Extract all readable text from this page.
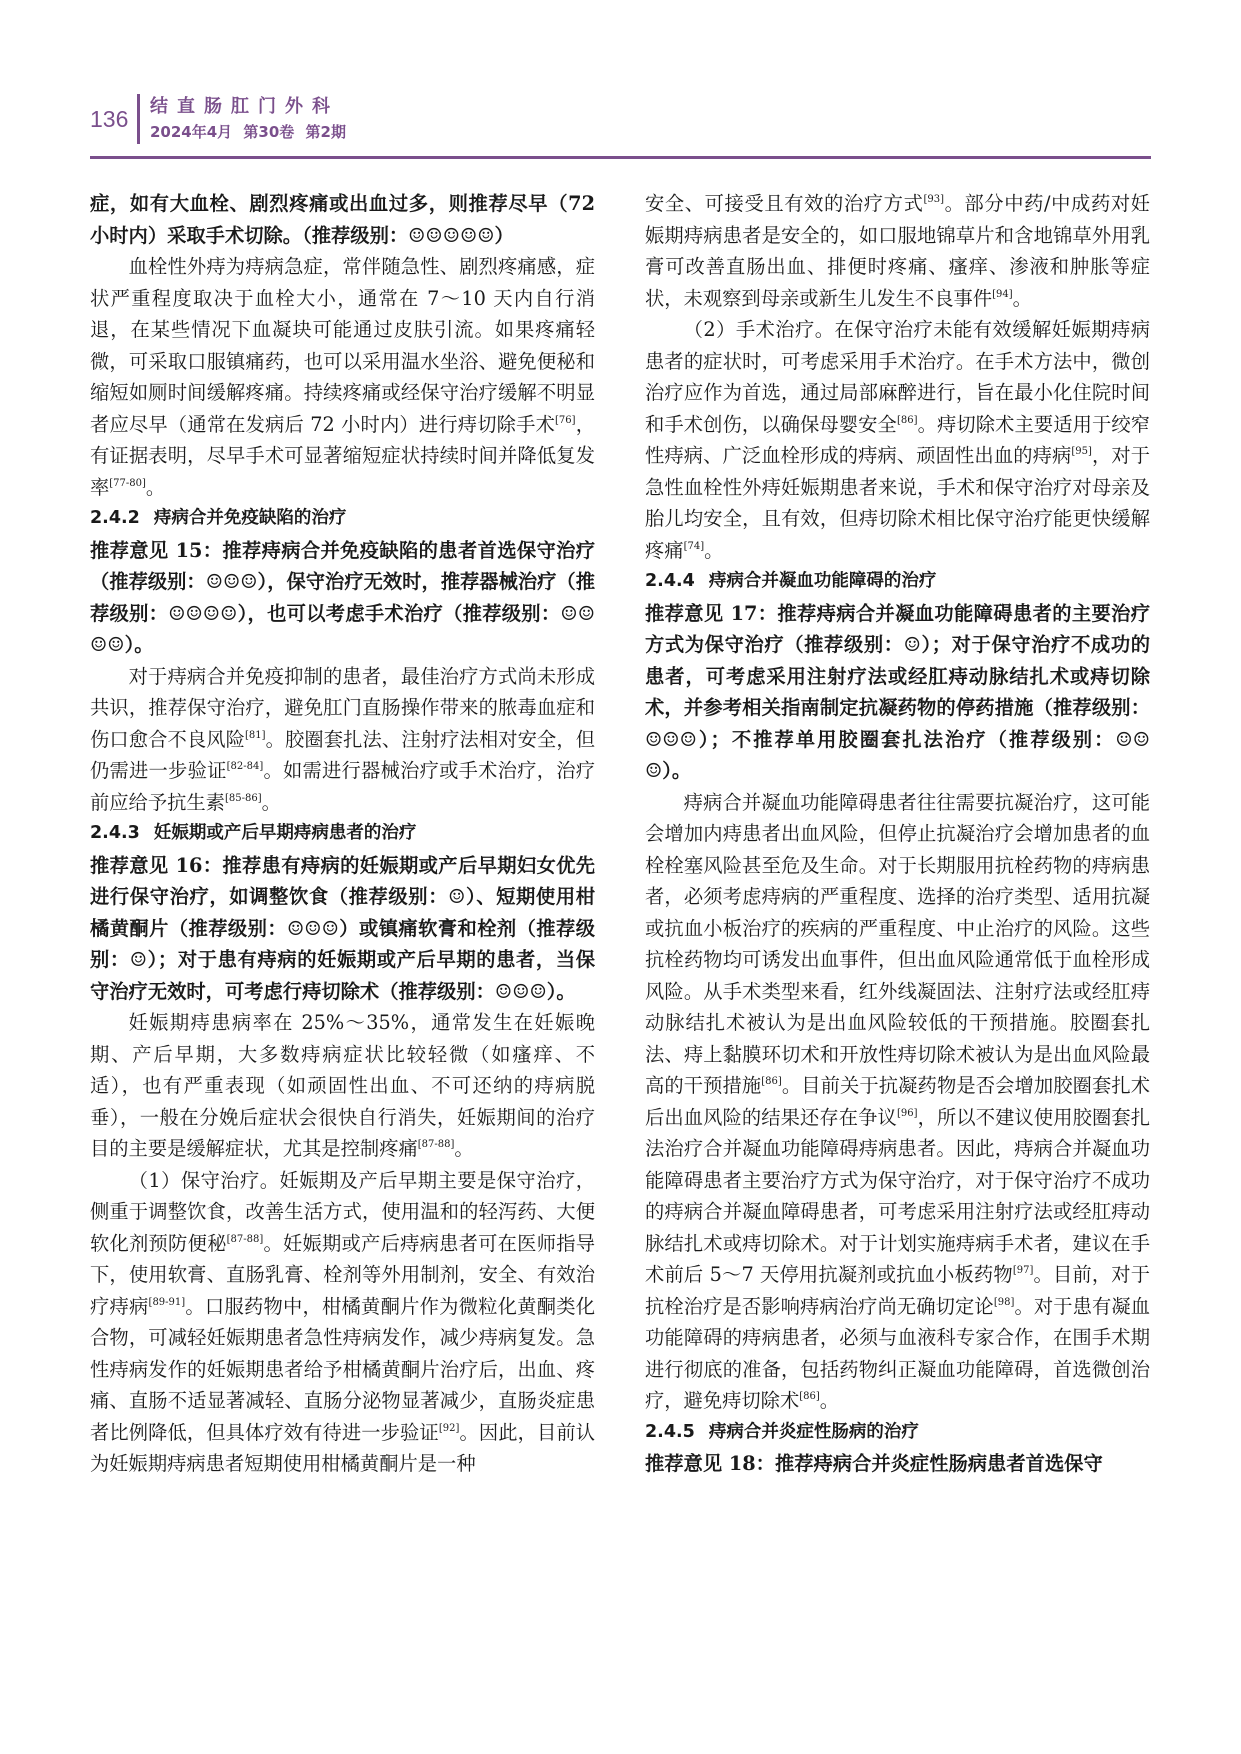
136 结直肠肛门外科
2024年4月 第30卷 第2期

症，如有大血栓、剧烈疼痛或出血过多，则推荐尽早（72 小时内）采取手术切除。（推荐级别：☺☺☺☺☺）

血栓性外痔为痔病急症，常伴随急性、剧烈疼痛感，症状严重程度取决于血栓大小，通常在 7～10 天内自行消退，在某些情况下血凝块可能通过皮肤引流。如果疼痛轻微，可采取口服镇痛药，也可以采用温水坐浴、避免便秘和缩短如厕时间缓解疼痛。持续疼痛或经保守治疗缓解不明显者应尽早（通常在发病后 72 小时内）进行痔切除手术[76]，有证据表明，尽早手术可显著缩短症状持续时间并降低复发率[77-80]。

2.4.2 痔病合并免疫缺陷的治疗

推荐意见 15：推荐痔病合并免疫缺陷的患者首选保守治疗（推荐级别：☺☺☺），保守治疗无效时，推荐器械治疗（推荐级别：☺☺☺☺），也可以考虑手术治疗（推荐级别：☺☺☺☺）。

对于痔病合并免疫抑制的患者，最佳治疗方式尚未形成共识，推荐保守治疗，避免肛门直肠操作带来的脓毒血症和伤口愈合不良风险[81]。胶圈套扎法、注射疗法相对安全，但仍需进一步验证[82-84]。如需进行器械治疗或手术治疗，治疗前应给予抗生素[85-86]。

2.4.3 妊娠期或产后早期痔病患者的治疗

推荐意见 16：推荐患有痔病的妊娠期或产后早期妇女优先进行保守治疗，如调整饮食（推荐级别：☺）、短期使用柑橘黄酮片（推荐级别：☺☺☺）或镇痛软膏和栓剂（推荐级别：☺）；对于患有痔病的妊娠期或产后早期的患者，当保守治疗无效时，可考虑行痔切除术（推荐级别：☺☺☺）。

妊娠期痔患病率在 25%～35%，通常发生在妊娠晚期、产后早期，大多数痔病症状比较轻微（如瘙痒、不适），也有严重表现（如顽固性出血、不可还纳的痔病脱垂），一般在分娩后症状会很快自行消失，妊娠期间的治疗目的主要是缓解症状，尤其是控制疼痛[87-88]。

（1）保守治疗。妊娠期及产后早期主要是保守治疗，侧重于调整饮食，改善生活方式，使用温和的轻泻药、大便软化剂预防便秘[87-88]。妊娠期或产后痔病患者可在医师指导下，使用软膏、直肠乳膏、栓剂等外用制剂，安全、有效治疗痔病[89-91]。口服药物中，柑橘黄酮片作为微粒化黄酮类化合物，可减轻妊娠期患者急性痔病发作，减少痔病复发。急性痔病发作的妊娠期患者给予柑橘黄酮片治疗后，出血、疼痛、直肠不适显著减轻、直肠分泌物显著减少，直肠炎症患者比例降低，但具体疗效有待进一步验证[92]。因此，目前认为妊娠期痔病患者短期使用柑橘黄酮片是一种

安全、可接受且有效的治疗方式[93]。部分中药/中成药对妊娠期痔病患者是安全的，如口服地锦草片和含地锦草外用乳膏可改善直肠出血、排便时疼痛、瘙痒、渗液和肿胀等症状，未观察到母亲或新生儿发生不良事件[94]。

（2）手术治疗。在保守治疗未能有效缓解妊娠期痔病患者的症状时，可考虑采用手术治疗。在手术方法中，微创治疗应作为首选，通过局部麻醉进行，旨在最小化住院时间和手术创伤，以确保母婴安全[86]。痔切除术主要适用于绞窄性痔病、广泛血栓形成的痔病、顽固性出血的痔病[95]，对于急性血栓性外痔妊娠期患者来说，手术和保守治疗对母亲及胎儿均安全，且有效，但痔切除术相比保守治疗能更快缓解疼痛[74]。

2.4.4 痔病合并凝血功能障碍的治疗

推荐意见 17：推荐痔病合并凝血功能障碍患者的主要治疗方式为保守治疗（推荐级别：☺）；对于保守治疗不成功的患者，可考虑采用注射疗法或经肛痔动脉结扎术或痔切除术，并参考相关指南制定抗凝药物的停药措施（推荐级别：☺☺☺）；不推荐单用胶圈套扎法治疗（推荐级别：☺☺☺）。

痔病合并凝血功能障碍患者往往需要抗凝治疗，这可能会增加内痔患者出血风险，但停止抗凝治疗会增加患者的血栓栓塞风险甚至危及生命。对于长期服用抗栓药物的痔病患者，必须考虑痔病的严重程度、选择的治疗类型、适用抗凝或抗血小板治疗的疾病的严重程度、中止治疗的风险。这些抗栓药物均可诱发出血事件，但出血风险通常低于血栓形成风险。从手术类型来看，红外线凝固法、注射疗法或经肛痔动脉结扎术被认为是出血风险较低的干预措施。胶圈套扎法、痔上黏膜环切术和开放性痔切除术被认为是出血风险最高的干预措施[86]。目前关于抗凝药物是否会增加胶圈套扎术后出血风险的结果还存在争议[96]，所以不建议使用胶圈套扎法治疗合并凝血功能障碍痔病患者。因此，痔病合并凝血功能障碍患者主要治疗方式为保守治疗，对于保守治疗不成功的痔病合并凝血障碍患者，可考虑采用注射疗法或经肛痔动脉结扎术或痔切除术。对于计划实施痔病手术者，建议在手术前后 5～7 天停用抗凝剂或抗血小板药物[97]。目前，对于抗栓治疗是否影响痔病治疗尚无确切定论[98]。对于患有凝血功能障碍的痔病患者，必须与血液科专家合作，在围手术期进行彻底的准备，包括药物纠正凝血功能障碍，首选微创治疗，避免痔切除术[86]。

2.4.5 痔病合并炎症性肠病的治疗

推荐意见 18：推荐痔病合并炎症性肠病患者首选保守
